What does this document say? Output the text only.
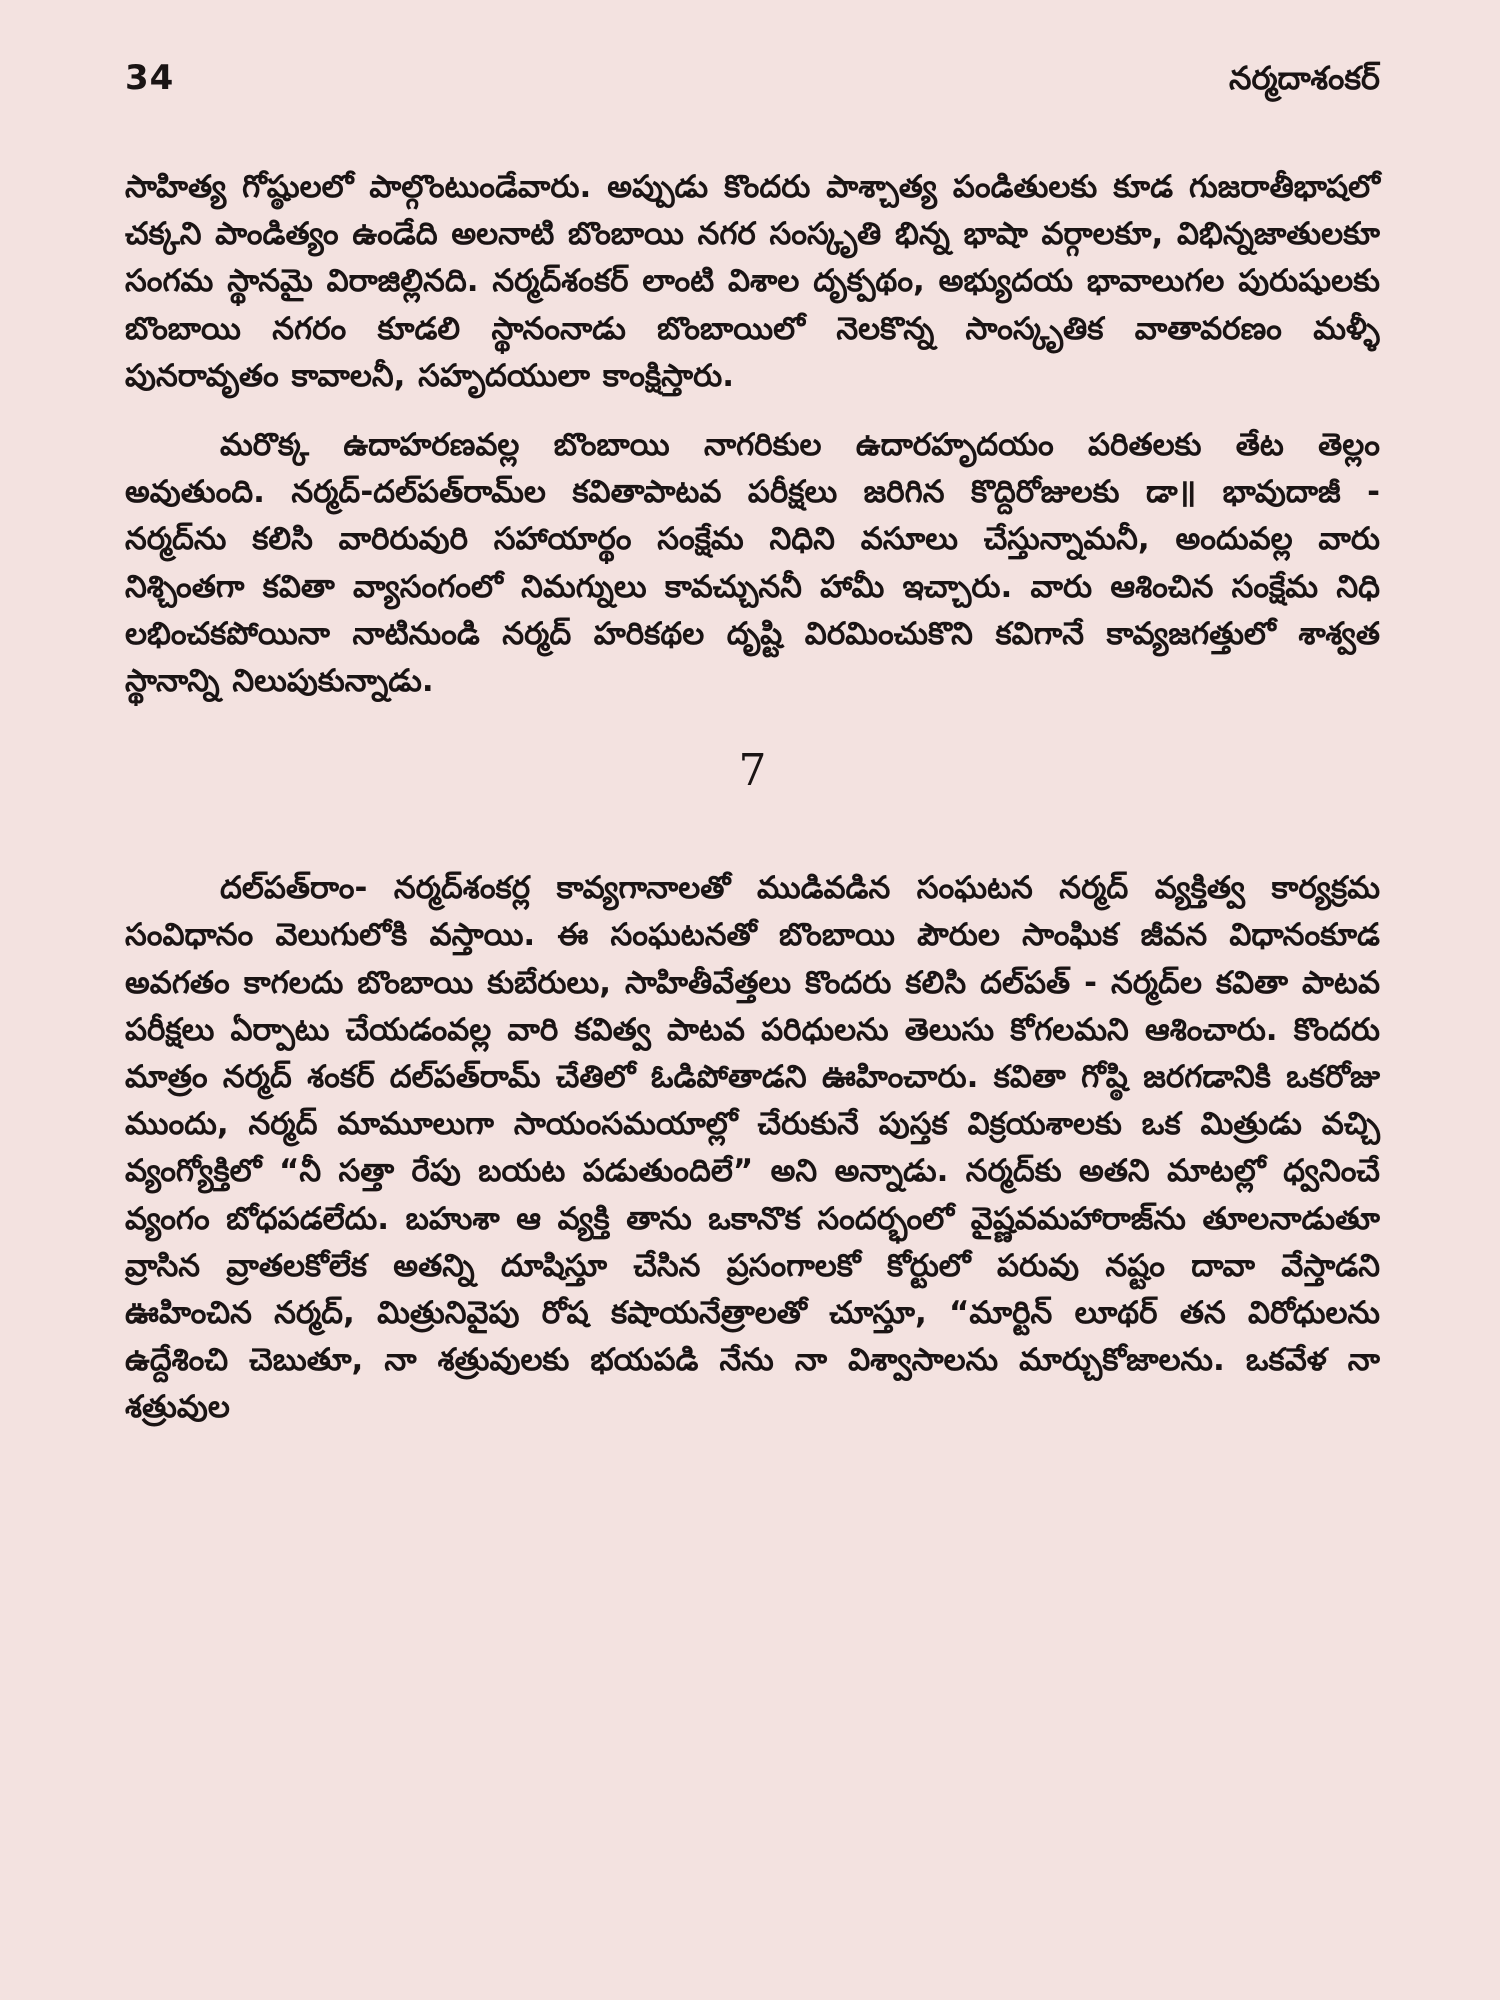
34	నర్మదాశంకర్

సాహిత్య గోష్ఠులలో పాల్గొంటుండేవారు. అప్పుడు కొందరు పాశ్చాత్య పండితులకు కూడ గుజరాతీభాషలో చక్కని పాండిత్యం ఉండేది అలనాటి బొంబాయి నగర సంస్కృతి భిన్న భాషా వర్గాలకూ, విభిన్నజాతులకూ సంగమ స్థానమై విరాజిల్లినది. నర్మద్‌శంకర్ లాంటి విశాల దృక్పథం, అభ్యుదయ భావాలుగల పురుషులకు బొంబాయి నగరం కూడలి స్థానంనాడు బొంబాయిలో నెలకొన్న సాంస్కృతిక వాతావరణం మళ్ళీ పునరావృతం కావాలనీ, సహృదయులా కాంక్షిస్తారు.

మరొక్క ఉదాహరణవల్ల బొంబాయి నాగరికుల ఉదారహృదయం పరితలకు తేట తెల్లం అవుతుంది. నర్మద్-దల్‌పత్‌రామ్‌ల కవితాపాటవ పరీక్షలు జరిగిన కొద్దిరోజులకు డా॥ భావుదాజీ - నర్మద్‌ను కలిసి వారిరువురి సహాయార్థం సంక్షేమ నిధిని వసూలు చేస్తున్నామనీ, అందువల్ల వారు నిశ్చింతగా కవితా వ్యాసంగంలో నిమగ్నులు కావచ్చుననీ హామీ ఇచ్చారు. వారు ఆశించిన సంక్షేమ నిధి లభించకపోయినా నాటినుండి నర్మద్ హరికథల దృష్టి విరమించుకొని కవిగానే కావ్యజగత్తులో శాశ్వత స్థానాన్ని నిలుపుకున్నాడు.

7

దల్‌పత్‌రాం- నర్మద్‌శంకర్ల కావ్యగానాలతో ముడివడిన సంఘటన నర్మద్ వ్యక్తిత్వ కార్యక్రమ సంవిధానం వెలుగులోకి వస్తాయి. ఈ సంఘటనతో బొంబాయి పౌరుల సాంఘిక జీవన విధానంకూడ అవగతం కాగలదు బొంబాయి కుబేరులు, సాహితీవేత్తలు కొందరు కలిసి దల్‌పత్ - నర్మద్‌ల కవితా పాటవ పరీక్షలు ఏర్పాటు చేయడంవల్ల వారి కవిత్వ పాటవ పరిధులను తెలుసు కోగలమని ఆశించారు. కొందరు మాత్రం నర్మద్ శంకర్ దల్‌పత్‌రామ్ చేతిలో ఓడిపోతాడని ఊహించారు. కవితా గోష్ఠి జరగడానికి ఒకరోజు ముందు, నర్మద్ మామూలుగా సాయంసమయాల్లో చేరుకునే పుస్తక విక్రయశాలకు ఒక మిత్రుడు వచ్చి వ్యంగ్యోక్తిలో “నీ సత్తా రేపు బయట పడుతుందిలే” అని అన్నాడు. నర్మద్‌కు అతని మాటల్లో ధ్వనించే వ్యంగం బోధపడలేదు. బహుశా ఆ వ్యక్తి తాను ఒకానొక సందర్భంలో వైష్ణవమహారాజ్‌ను తూలనాడుతూ వ్రాసిన వ్రాతలకోలేక అతన్ని దూషిస్తూ చేసిన ప్రసంగాలకో కోర్టులో పరువు నష్టం దావా వేస్తాడని ఊహించిన నర్మద్, మిత్రునివైపు రోష కషాయనేత్రాలతో చూస్తూ, “మార్టిన్ లూథర్ తన విరోధులను ఉద్దేశించి చెబుతూ, నా శత్రువులకు భయపడి నేను నా విశ్వాసాలను మార్చుకోజాలను. ఒకవేళ నా శత్రువుల
